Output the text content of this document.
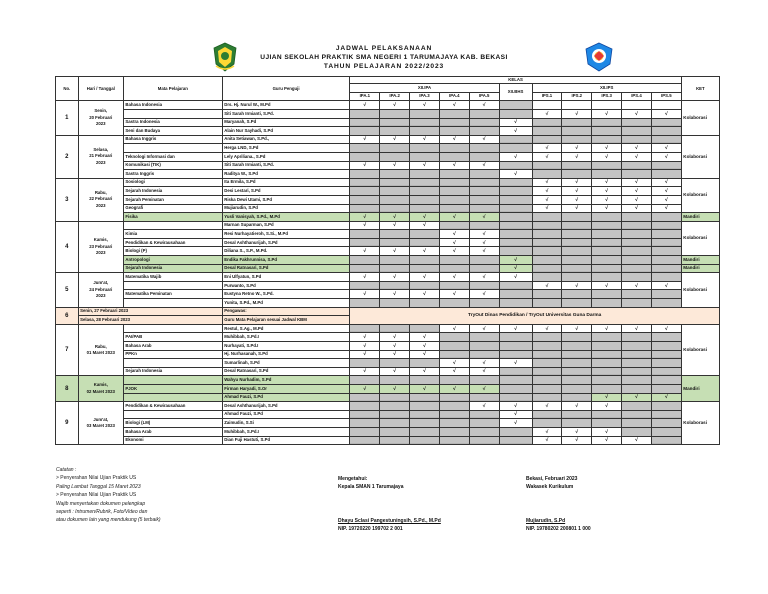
JADWAL PELAKSANAAN
UJIAN SEKOLAH PRAKTIK SMA NEGERI 1 TARUMAJAYA KAB. BEKASI
TAHUN PELAJARAN 2022/2023
No.	Hari / Tanggal	Mata Pelajaran	Guru Penguji	KELAS											KET
				XII.IPA					XII.BHS	XII.IPS					
				IPA.1	IPA.2	IPA.3	IPA.4	IPA.5		IPS.1	IPS.2	IPS.3	IPS.4	IPS.5	
1	Senin,
20 Februari
2023	Bahasa Indonesia	Drs. Hj. Nurul W., M.Pd	√	√	√	√	√							Kolaborasi
			Siti Sarah Irmianti, S.Pd.							√	√	√	√	√	
		Sastra Indonesia	Maryanah, S.Pd						√						
		Seni dan Budaya	Alain Nur Sayhadi, S.Pd						√						
2	Selasa,
21 Februari
2023	Bahasa Inggris	Anita Setiawan, S.Pd.,	√	√	√	√	√							Kolaborasi
			Herga LND, S.Pd							√	√	√	√	√	
		Teknologi Informasi dan	Lely Apriliana., S.Pd						√	√	√	√	√	√	
		Komunikasi (TIK)	Siti Sarah Irmianti, S.Pd.	√	√	√	√	√							
		Sastra Inggris	Raditya W., S.Pd						√						
3	Rabu,
22 Februari
2023	Sosiologi	Ita Ermila, S.Pd							√	√	√	√	√	Kolaborasi
		Sejarah Indonesia	Desi Lestari, S.Pd							√	√	√	√	√	
		Sejarah Peminatan	Riska Dewi Utami, S.Pd							√	√	√	√	√	
		Geografi	Mujiarudin, S.Pd							√	√	√	√	√	
		Fisika	Yusli Vanisyah, S.Pd., M.Pd	√	√	√	√	√							Mandiri
4	Kamis,
23 Februari
2023		Marnan Suparman, S.Pd	√	√	√									Kolaborasi
		Kimia	Resi Nurhayatieroh, S.Si., M.Pd				√	√							
		Pendidikan & Kewirausahaan	Desal Ashthanurijah, S.Pd				√	√							
		Biologi (P)	Diliana S., S.P., M.Pd.	√	√	√	√	√							
		Antropologi	Endika Fakhrunnisa, S.Pd						√						Mandiri
		Sejarah Indonesia	Desal Ratnasari, S.Pd						√						Mandiri
5	Jum'at,
24 Februari
2023	Matematika Wajib	Eni Ulfyatun, S.Pd	√	√	√	√	√	√						Kolaborasi
			Purwanto, S.Pd							√	√	√	√	√	
		Matematika Peminatan	Eustyna Retno W., S.Pd.	√	√	√	√	√							
			Yunita, S.Pd., M.Pd												
6	Senin, 27 Februari 2023		Pengawas:	TryOut Dinas Pendidikan / TryOut Universitas Guna Darma											
	Selasa, 28 Februari 2023		Guru Mata Pelajaran sesuai Jadwal KBM												
7	Rabu,
01 Maret 2023		Restul, S.Ag., M.Pd				√	√	√	√	√	√	√	√	Kolaborasi
		PAI/PAB	Muhibbah, S.Pd.I	√	√	√									
		Bahasa Arab	Nurhayati, S.Pd.I	√	√	√									
		PPKn	Hj. Nurhasanah, S.Pd	√	√	√									
			Sumarlinah, S.Pd				√	√	√						
		Sejarah Indonesia	Desal Ratnasari, S.Pd	√	√	√	√	√							
8	Kamis,
02 Maret 2023		Wahyu Nurhadim, S.Pd												Mandiri
		PJOK	Firman Haryadi, S.Or	√	√	√	√	√							
			Ahmad Fauzi, S.Pd									√	√	√	
9	Jum'at,
03 Maret 2023	Pendidikan & Kewirausahaan	Desal Ashthanurijah, S.Pd					√	√	√	√	√			Kolaborasi
			Ahmad Fauzi, S.Pd						√						
		Biologi (LM)	Zaimudin, S.Si						√						
		Bahasa Arab	Muhibbah, S.Pd.I							√	√	√			
		Ekonomi	Dian Fuji Hastuti, S.Pd							√	√	√	√		
Catatan :
> Penyerahan Nilai Ujian Praktik US
Paling Lambat Tanggal 15 Maret 2023
> Penyerahan Nilai Ujian Praktik US
Wajib menyertakan dokumen pelengkap
seperti : Intrumen/Rubrik, Foto/Video dan
atau dokumen lain yang mendukung (5 terbaik)
Mengetahui:
Kepala SMAN 1 Tarumajaya
Dhayu Sclasi Pangestuningsih, S.Pd., M.Pd
NIP. 19720220 199702 2 001
Bekasi, Februari 2023
Wakasek Kurikulum
Mujiarudin, S.Pd
NIP. 19780202 200801 1 000
